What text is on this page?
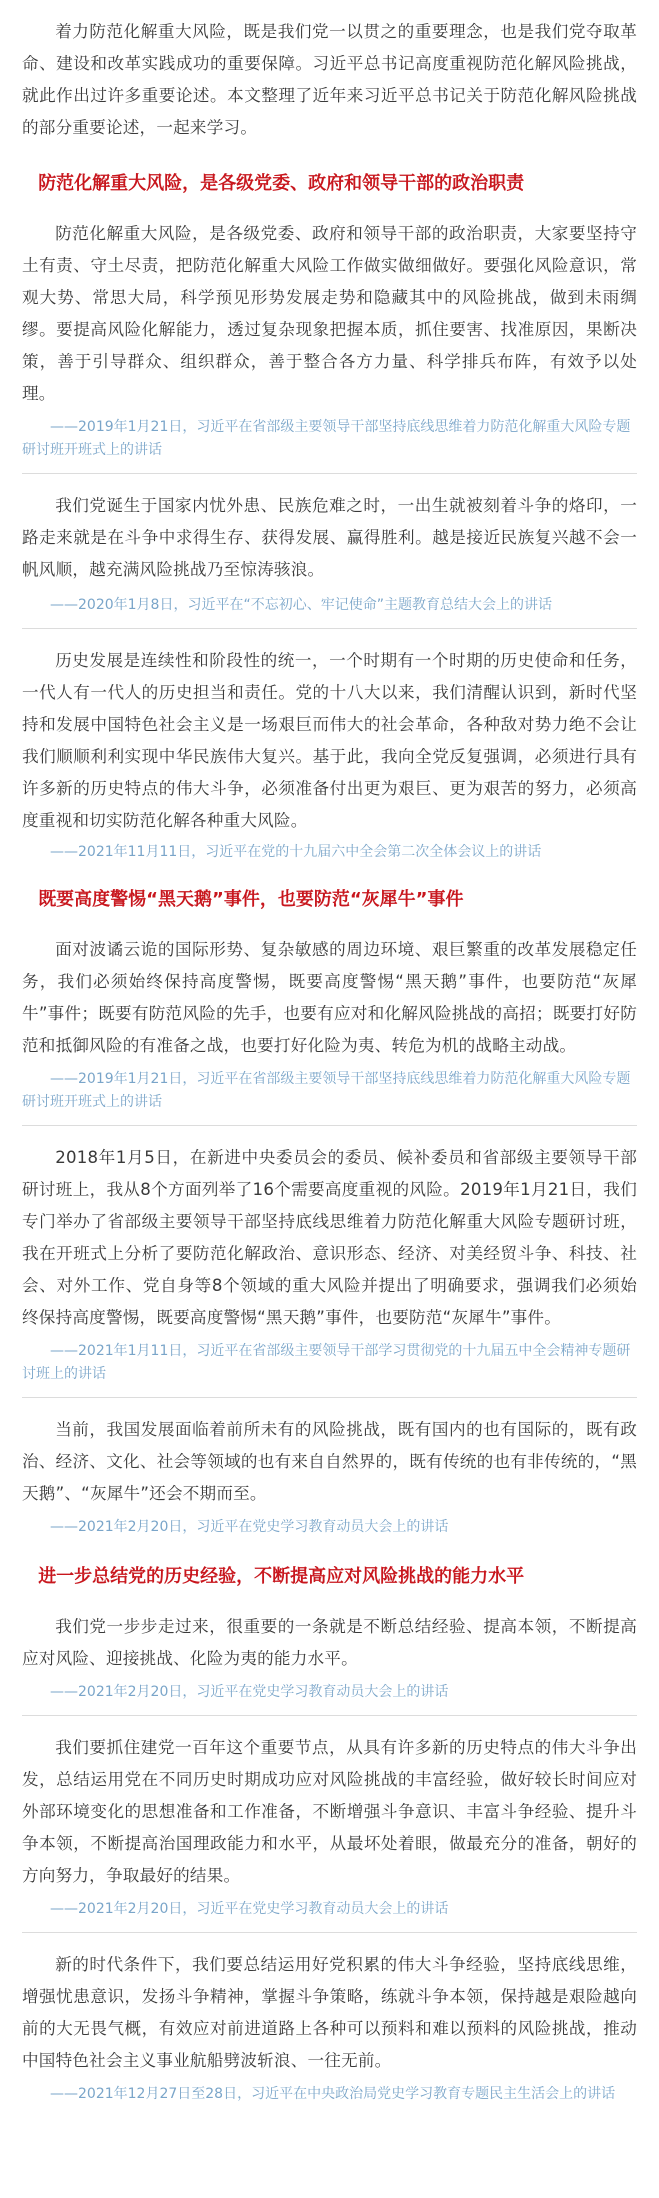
着力防范化解重大风险，既是我们党一以贯之的重要理念，也是我们党夺取革命、建设和改革实践成功的重要保障。习近平总书记高度重视防范化解风险挑战，就此作出过许多重要论述。本文整理了近年来习近平总书记关于防范化解风险挑战的部分重要论述，一起来学习。

防范化解重大风险，是各级党委、政府和领导干部的政治职责

防范化解重大风险，是各级党委、政府和领导干部的政治职责，大家要坚持守土有责、守土尽责，把防范化解重大风险工作做实做细做好。要强化风险意识，常观大势、常思大局，科学预见形势发展走势和隐藏其中的风险挑战，做到未雨绸缪。要提高风险化解能力，透过复杂现象把握本质，抓住要害、找准原因，果断决策，善于引导群众、组织群众，善于整合各方力量、科学排兵布阵，有效予以处理。

——2019年1月21日，习近平在省部级主要领导干部坚持底线思维着力防范化解重大风险专题研讨班开班式上的讲话

我们党诞生于国家内忧外患、民族危难之时，一出生就被刻着斗争的烙印，一路走来就是在斗争中求得生存、获得发展、赢得胜利。越是接近民族复兴越不会一帆风顺，越充满风险挑战乃至惊涛骇浪。

——2020年1月8日，习近平在“不忘初心、牢记使命”主题教育总结大会上的讲话

历史发展是连续性和阶段性的统一，一个时期有一个时期的历史使命和任务，一代人有一代人的历史担当和责任。党的十八大以来，我们清醒认识到，新时代坚持和发展中国特色社会主义是一场艰巨而伟大的社会革命，各种敌对势力绝不会让我们顺顺利利实现中华民族伟大复兴。基于此，我向全党反复强调，必须进行具有许多新的历史特点的伟大斗争，必须准备付出更为艰巨、更为艰苦的努力，必须高度重视和切实防范化解各种重大风险。

——2021年11月11日，习近平在党的十九届六中全会第二次全体会议上的讲话

既要高度警惕“黑天鹅”事件，也要防范“灰犀牛”事件

面对波谲云诡的国际形势、复杂敏感的周边环境、艰巨繁重的改革发展稳定任务，我们必须始终保持高度警惕，既要高度警惕“黑天鹅”事件，也要防范“灰犀牛”事件；既要有防范风险的先手，也要有应对和化解风险挑战的高招；既要打好防范和抵御风险的有准备之战，也要打好化险为夷、转危为机的战略主动战。

——2019年1月21日，习近平在省部级主要领导干部坚持底线思维着力防范化解重大风险专题研讨班开班式上的讲话

2018年1月5日，在新进中央委员会的委员、候补委员和省部级主要领导干部研讨班上，我从8个方面列举了16个需要高度重视的风险。2019年1月21日，我们专门举办了省部级主要领导干部坚持底线思维着力防范化解重大风险专题研讨班，我在开班式上分析了要防范化解政治、意识形态、经济、对美经贸斗争、科技、社会、对外工作、党自身等8个领域的重大风险并提出了明确要求，强调我们必须始终保持高度警惕，既要高度警惕“黑天鹅”事件，也要防范“灰犀牛”事件。

——2021年1月11日，习近平在省部级主要领导干部学习贯彻党的十九届五中全会精神专题研讨班上的讲话

当前，我国发展面临着前所未有的风险挑战，既有国内的也有国际的，既有政治、经济、文化、社会等领域的也有来自自然界的，既有传统的也有非传统的，“黑天鹅”、“灰犀牛”还会不期而至。

——2021年2月20日，习近平在党史学习教育动员大会上的讲话

进一步总结党的历史经验，不断提高应对风险挑战的能力水平

我们党一步步走过来，很重要的一条就是不断总结经验、提高本领，不断提高应对风险、迎接挑战、化险为夷的能力水平。

——2021年2月20日，习近平在党史学习教育动员大会上的讲话

我们要抓住建党一百年这个重要节点，从具有许多新的历史特点的伟大斗争出发，总结运用党在不同历史时期成功应对风险挑战的丰富经验，做好较长时间应对外部环境变化的思想准备和工作准备，不断增强斗争意识、丰富斗争经验、提升斗争本领，不断提高治国理政能力和水平，从最坏处着眼，做最充分的准备，朝好的方向努力，争取最好的结果。

——2021年2月20日，习近平在党史学习教育动员大会上的讲话

新的时代条件下，我们要总结运用好党积累的伟大斗争经验，坚持底线思维，增强忧患意识，发扬斗争精神，掌握斗争策略，练就斗争本领，保持越是艰险越向前的大无畏气概，有效应对前进道路上各种可以预料和难以预料的风险挑战，推动中国特色社会主义事业航船劈波斩浪、一往无前。

——2021年12月27日至28日，习近平在中央政治局党史学习教育专题民主生活会上的讲话
